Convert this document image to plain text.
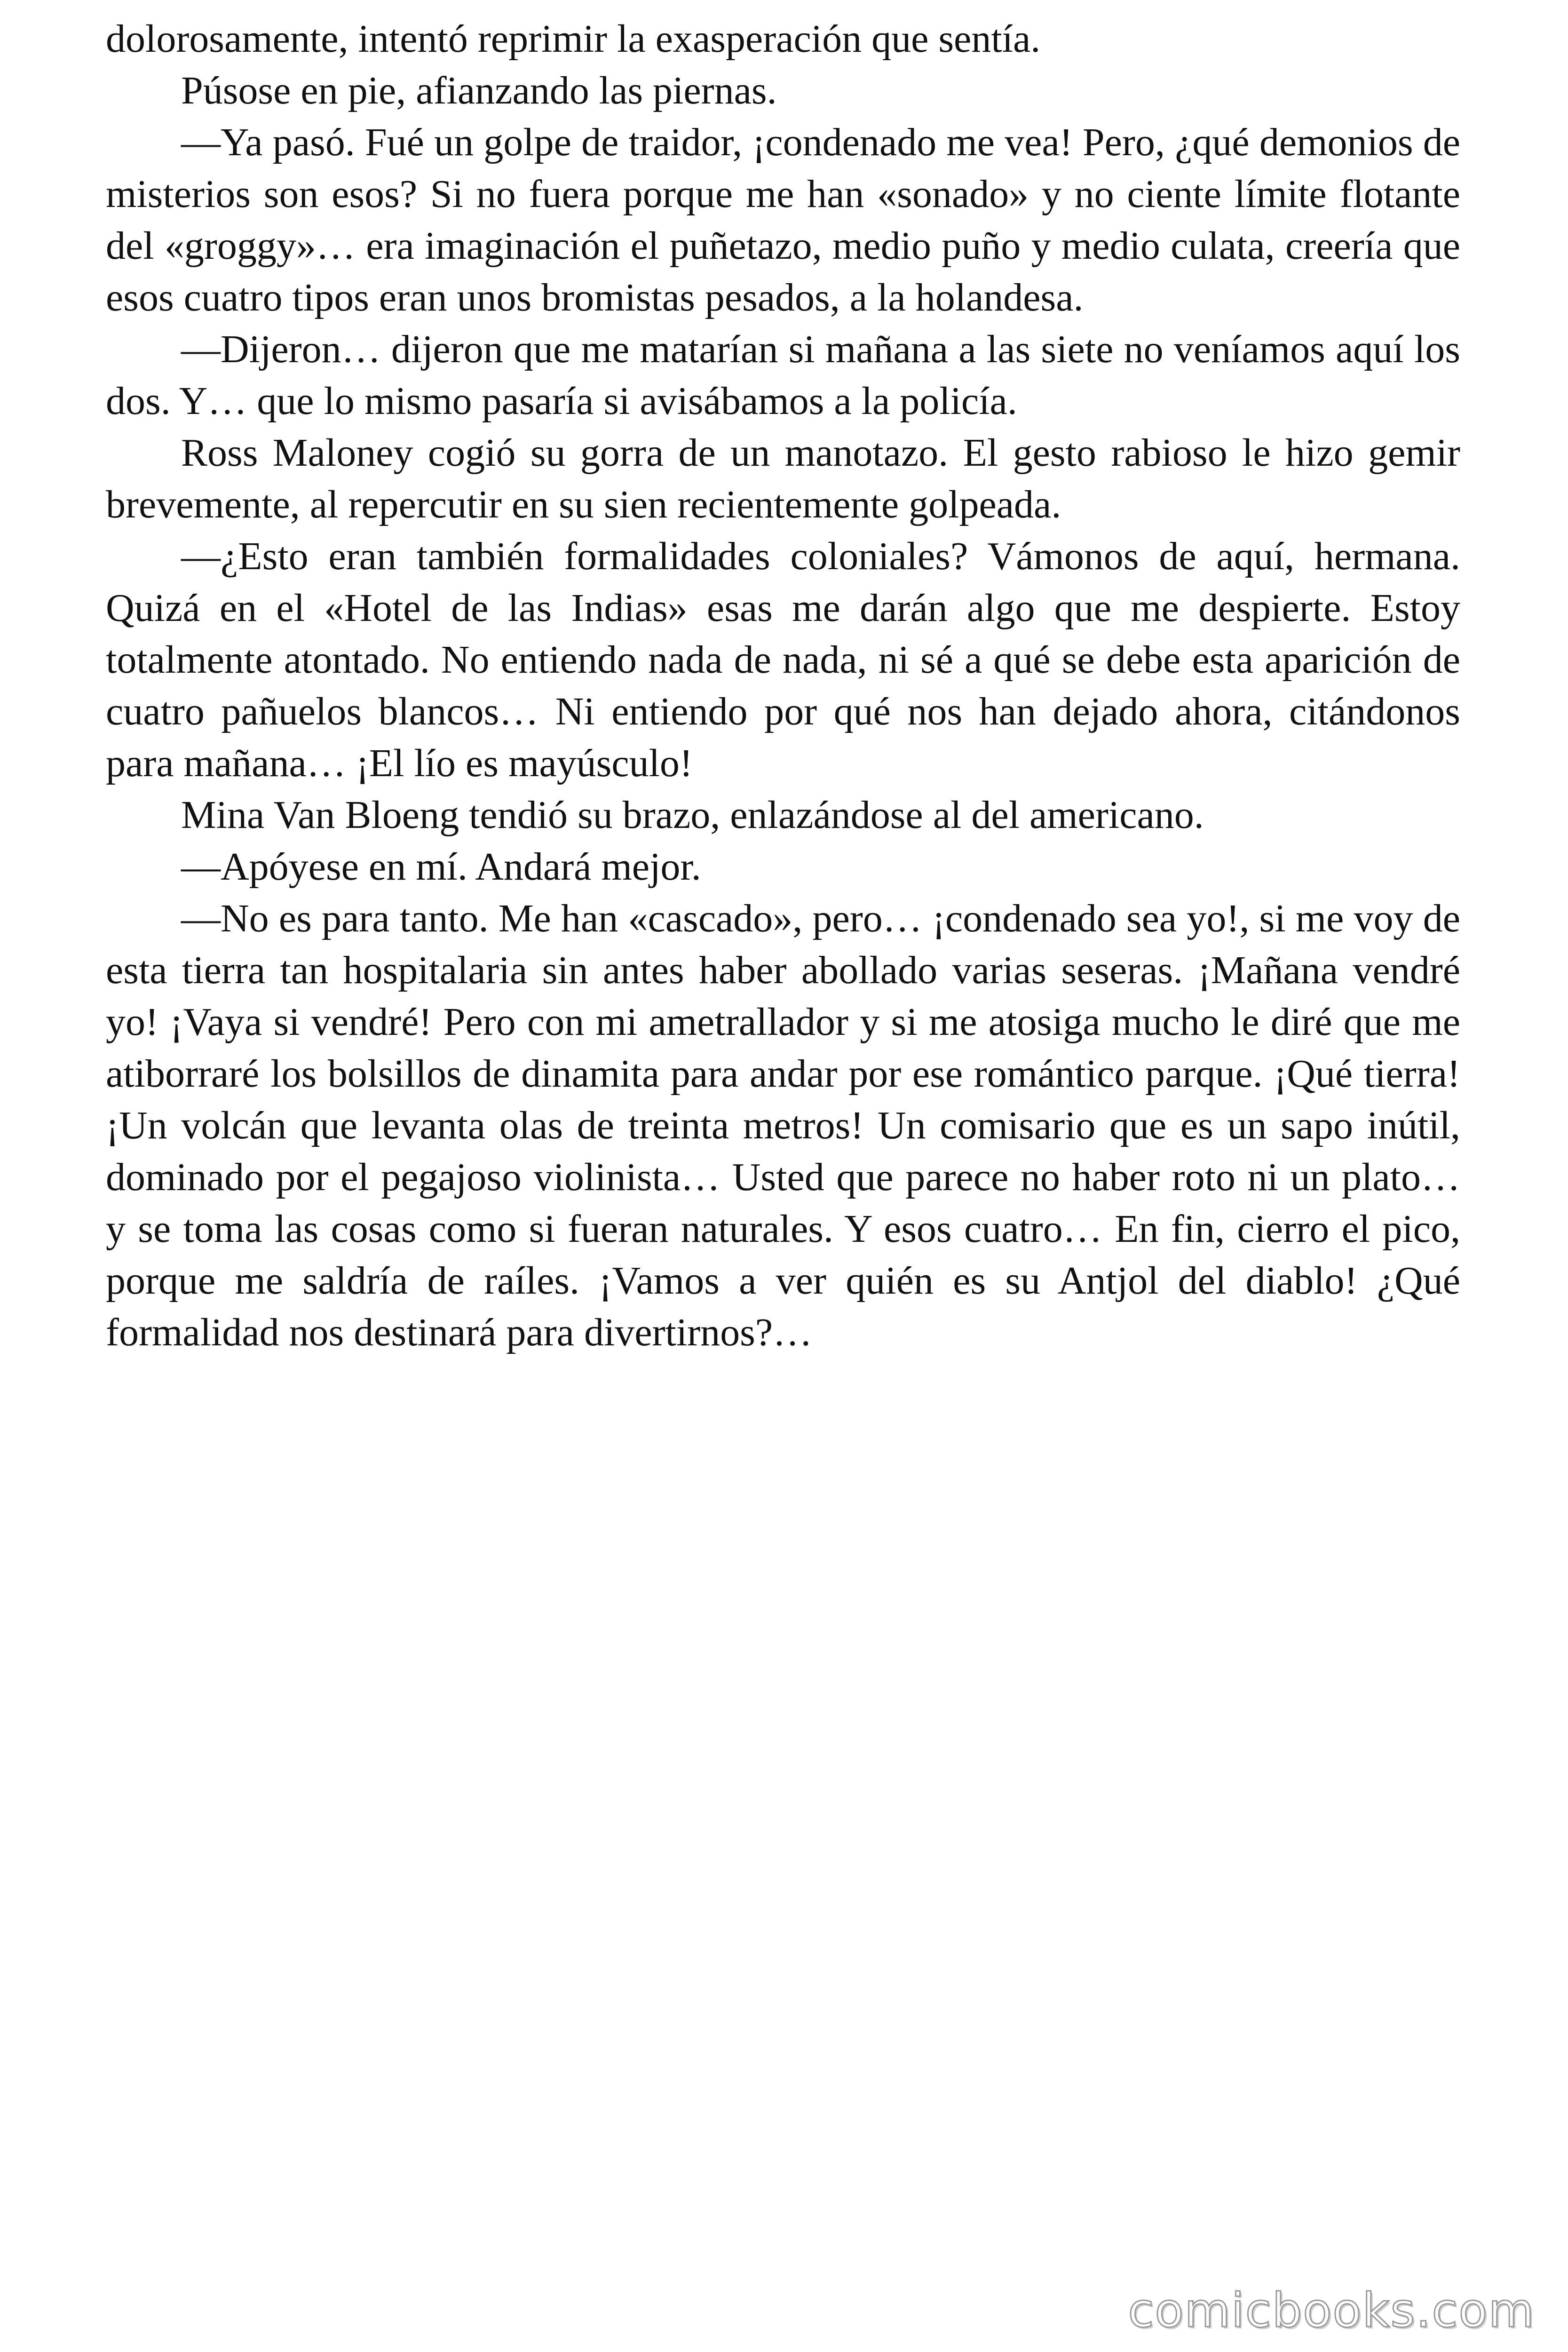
dolorosamente, intentó reprimir la exasperación que sentía.

Púsose en pie, afianzando las piernas.

—Ya pasó. Fué un golpe de traidor, ¡condenado me vea! Pero, ¿qué demonios de misterios son esos? Si no fuera porque me han «sonado» y no ciente límite flotante del «groggy»… era imaginación el puñetazo, medio puño y medio culata, creería que esos cuatro tipos eran unos bromistas pesados, a la holandesa.

—Dijeron… dijeron que me matarían si mañana a las siete no veníamos aquí los dos. Y… que lo mismo pasaría si avisábamos a la policía.

Ross Maloney cogió su gorra de un manotazo. El gesto rabioso le hizo gemir brevemente, al repercutir en su sien recientemente golpeada.

—¿Esto eran también formalidades coloniales? Vámonos de aquí, hermana. Quizá en el «Hotel de las Indias» esas me darán algo que me despierte. Estoy totalmente atontado. No entiendo nada de nada, ni sé a qué se debe esta aparición de cuatro pañuelos blancos… Ni entiendo por qué nos han dejado ahora, citándonos para mañana… ¡El lío es mayúsculo!

Mina Van Bloeng tendió su brazo, enlazándose al del americano.

—Apóyese en mí. Andará mejor.

—No es para tanto. Me han «cascado», pero… ¡condenado sea yo!, si me voy de esta tierra tan hospitalaria sin antes haber abollado varias seseras. ¡Mañana vendré yo! ¡Vaya si vendré! Pero con mi ametrallador y si me atosiga mucho le diré que me atiborraré los bolsillos de dinamita para andar por ese romántico parque. ¡Qué tierra! ¡Un volcán que levanta olas de treinta metros! Un comisario que es un sapo inútil, dominado por el pegajoso violinista… Usted que parece no haber roto ni un plato… y se toma las cosas como si fueran naturales. Y esos cuatro… En fin, cierro el pico, porque me saldría de raíles. ¡Vamos a ver quién es su Antjol del diablo! ¿Qué formalidad nos destinará para divertirnos?…

comicbooks.com
